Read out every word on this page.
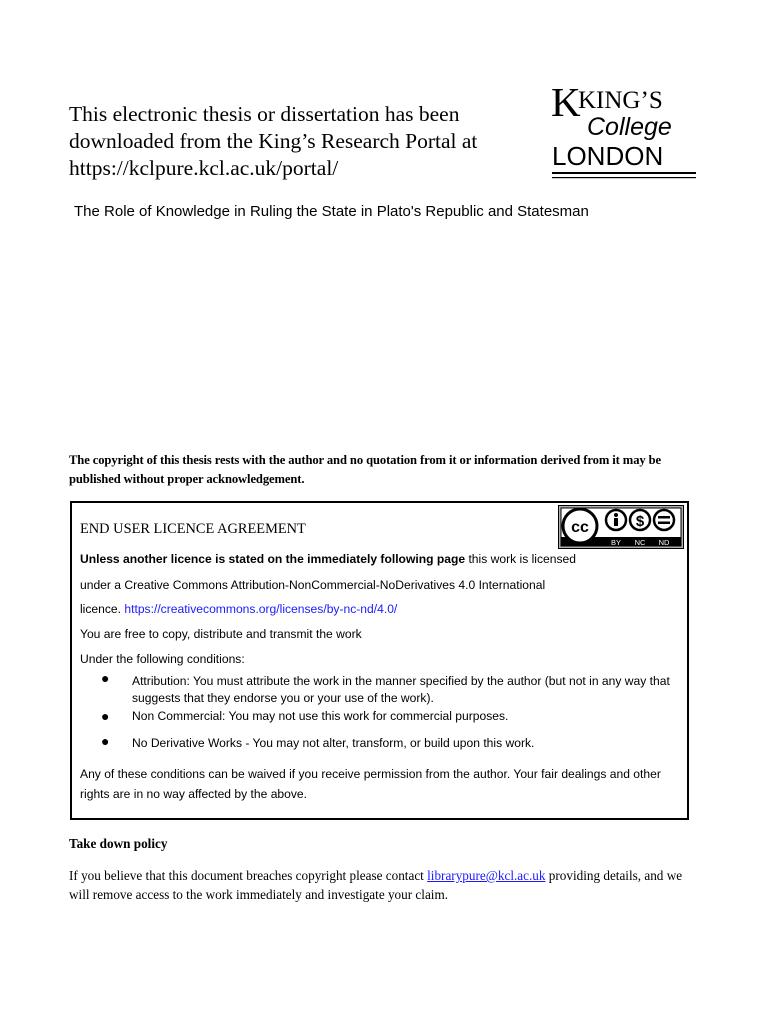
This electronic thesis or dissertation has been
downloaded from the King’s Research Portal at
https://kclpure.kcl.ac.uk/portal/
K
KING’S
College
LONDON
The Role of Knowledge in Ruling the State in Plato's Republic and Statesman
The copyright of this thesis rests with the author and no quotation from it or information derived from it may be published without proper acknowledgement.
END USER LICENCE AGREEMENT	cc	$
BY NC ND
Unless another licence is stated on the immediately following page this work is licensed
under a Creative Commons Attribution-NonCommercial-NoDerivatives 4.0 International
licence. https://creativecommons.org/licenses/by-nc-nd/4.0/
You are free to copy, distribute and transmit the work
Under the following conditions:
● Attribution: You must attribute the work in the manner specified by the author (but not in any way that suggests that they endorse you or your use of the work).
● Non Commercial: You may not use this work for commercial purposes.
● No Derivative Works - You may not alter, transform, or build upon this work.
Any of these conditions can be waived if you receive permission from the author. Your fair dealings and other rights are in no way affected by the above.
Take down policy
If you believe that this document breaches copyright please contact librarypure@kcl.ac.uk providing details, and we will remove access to the work immediately and investigate your claim.
